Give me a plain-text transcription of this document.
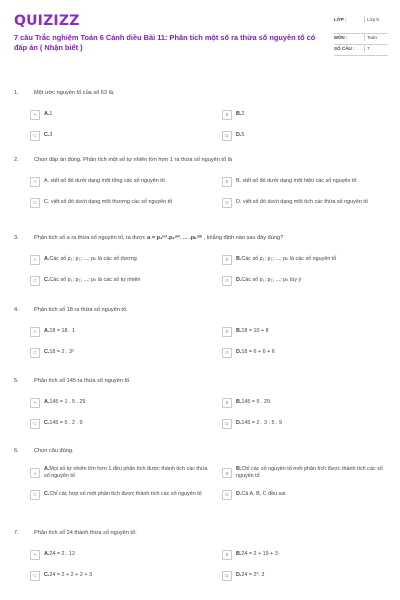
QUIZIZZ
7 câu Trắc nghiệm Toán 6 Cánh diều Bài 11: Phân tích một số ra thừa số nguyên tố có đáp án ( Nhận biết )
LỚP :	Lớp 6
MÔN :	Toán
SỐ CÂU :	7
1.	Một ước nguyên tố của số 63 là:
A	A.1	B	B.2
C	C.3	D	D.5
2.	Chọn đáp án đúng. Phân tích một số tự nhiên lớn hơn 1 ra thừa số nguyên tố là
A	A. viết số đó dưới dạng một tổng các số nguyên tố	B	B. viết số đó dưới dạng một hiệu các số nguyên tố
C	C. viết số đó dưới dạng một thương các số nguyên tố	D	D. viết số đó dưới dạng một tích các thừa số nguyên tố
3.	Phân tích số a ra thừa số nguyên tố, ta được a = p₁ᵐ¹.p₂ᵐ². ... .pₖᵐᵏ , khẳng định nào sau đây đúng?
A	A.Các số p₁; p₂; ...; pₖ là các số dương	B	B.Các số p₁; p₂; ...; pₖ là các số nguyên tố
C	C.Các số p₁; p₂; ...; pₖ là các số tự nhiên	D	D.Các số p₁; p₂; ...; pₖ tùy ý
4.	Phân tích số 18 ra thừa số nguyên tố.
A	A.18 = 18 . 1	B	B.18 = 10 + 8
C	C.18 = 2 . 3²	D	D.18 = 6 + 6 + 6
5.	Phân tích số 145 ra thừa số nguyên tố.
A	A.145 = 1 . 5 . 29	B	B.145 = 5 . 29
C	C.145 = 5 . 2 . 9	D	D.145 = 2 . 3 . 5 . 9
6.	Chọn câu đúng.
A
A.Mọi số tự nhiên lớn hơn 1 đều phân tích được thành tích các thừa số nguyên tố	B
B.Chỉ các số nguyên tố mới phân tích được thành tích các số nguyên tố
C	C.Chỉ các hợp số mới phân tích được thành tích các số nguyên tố	D	D.Cả A, B, C đều sai
7.	Phân tích số 24 thành thừa số nguyên tố:
A	A.24 = 2 . 12	B	B.24 = 2 + 19 + 3
C	C.24 = 2 + 2 + 2 + 3	D	D.24 = 2³. 3
